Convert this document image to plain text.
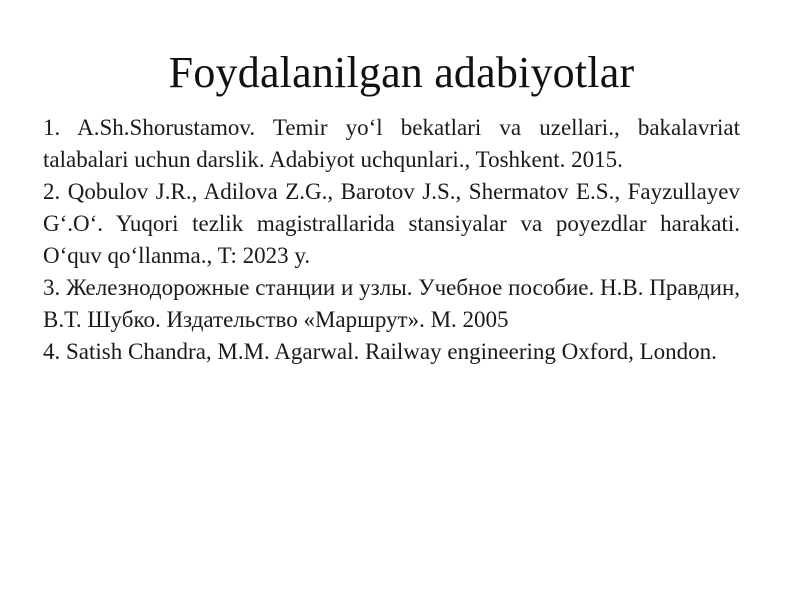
Foydalanilgan adabiyotlar
1. A.Sh.Shorustamov. Temir yo‘l bekatlari va uzellari., bakalavriat talabalari uchun darslik. Adabiyot uchqunlari., Toshkent. 2015.
2. Qobulov J.R., Adilova Z.G., Barotov J.S., Shermatov E.S., Fayzullayev G‘.O‘. Yuqori tezlik magistrallarida stansiyalar va poyezdlar harakati. O‘quv qo‘llanma., T: 2023 y.
3. Железнодорожные станции и узлы. Учебное пособие. Н.В. Правдин, В.Т. Шубко. Издательство «Маршрут». М. 2005
4. Satish Chandra, M.M. Agarwal. Railway engineering Oxford, London.
